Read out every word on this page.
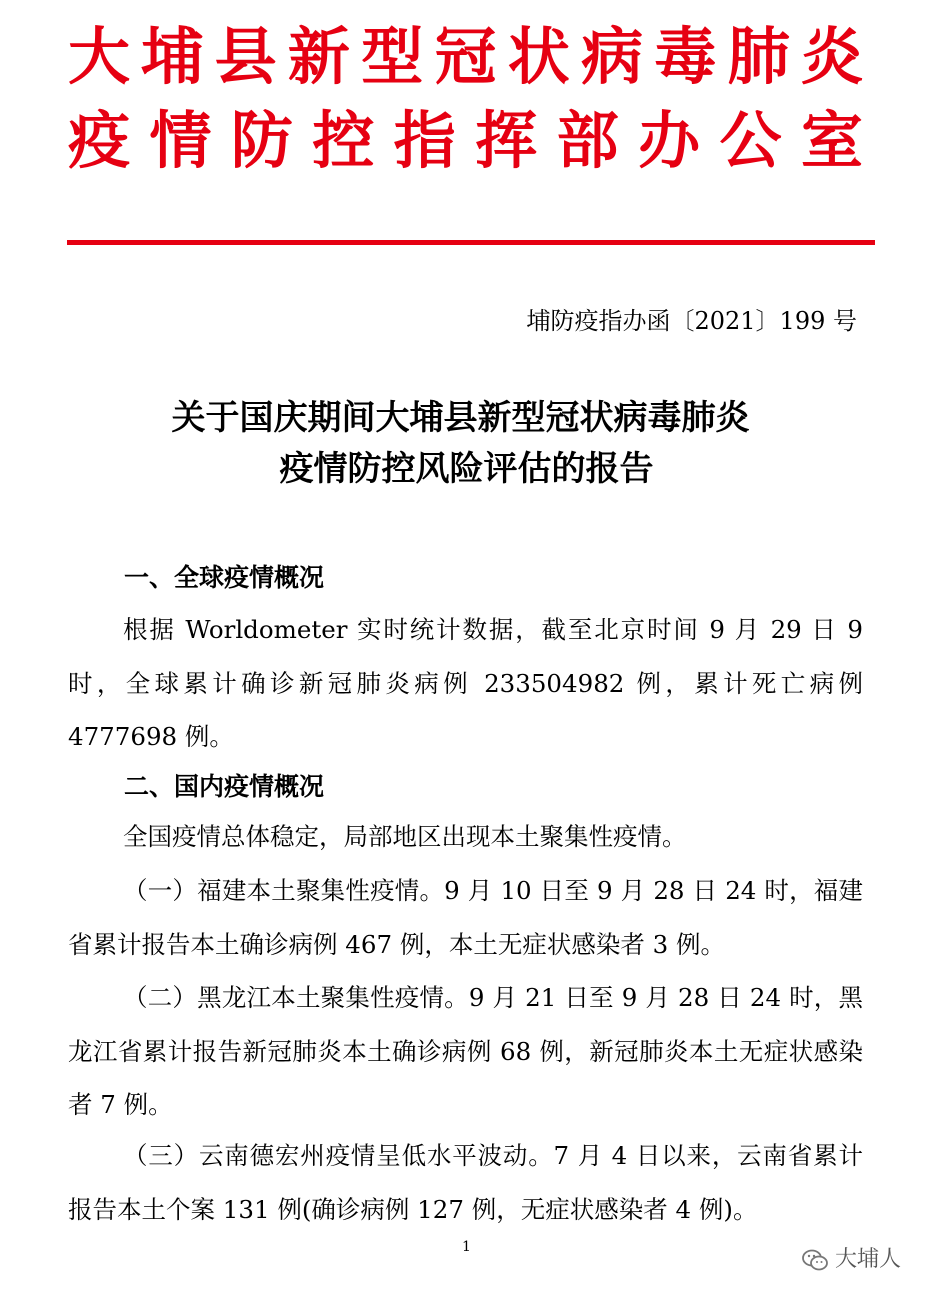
大 埔 县 新 型 冠 状 病 毒 肺 炎
疫 情 防 控 指 挥 部 办 公 室
埔防疫指办函〔2021〕199 号
关于国庆期间大埔县新型冠状病毒肺炎
疫情防控风险评估的报告
一、全球疫情概况
根据 Worldometer 实时统计数据，截至北京时间 9 月 29 日 9 时，全球累计确诊新冠肺炎病例 233504982 例，累计死亡病例 4777698 例。
二、国内疫情概况
全国疫情总体稳定，局部地区出现本土聚集性疫情。
（一）福建本土聚集性疫情。9 月 10 日至 9 月 28 日 24 时，福建省累计报告本土确诊病例 467 例，本土无症状感染者 3 例。
（二）黑龙江本土聚集性疫情。9 月 21 日至 9 月 28 日 24 时，黑龙江省累计报告新冠肺炎本土确诊病例 68 例，新冠肺炎本土无症状感染者 7 例。
（三）云南德宏州疫情呈低水平波动。7 月 4 日以来，云南省累计报告本土个案 131 例(确诊病例 127 例，无症状感染者 4 例)。
1	大埔人
